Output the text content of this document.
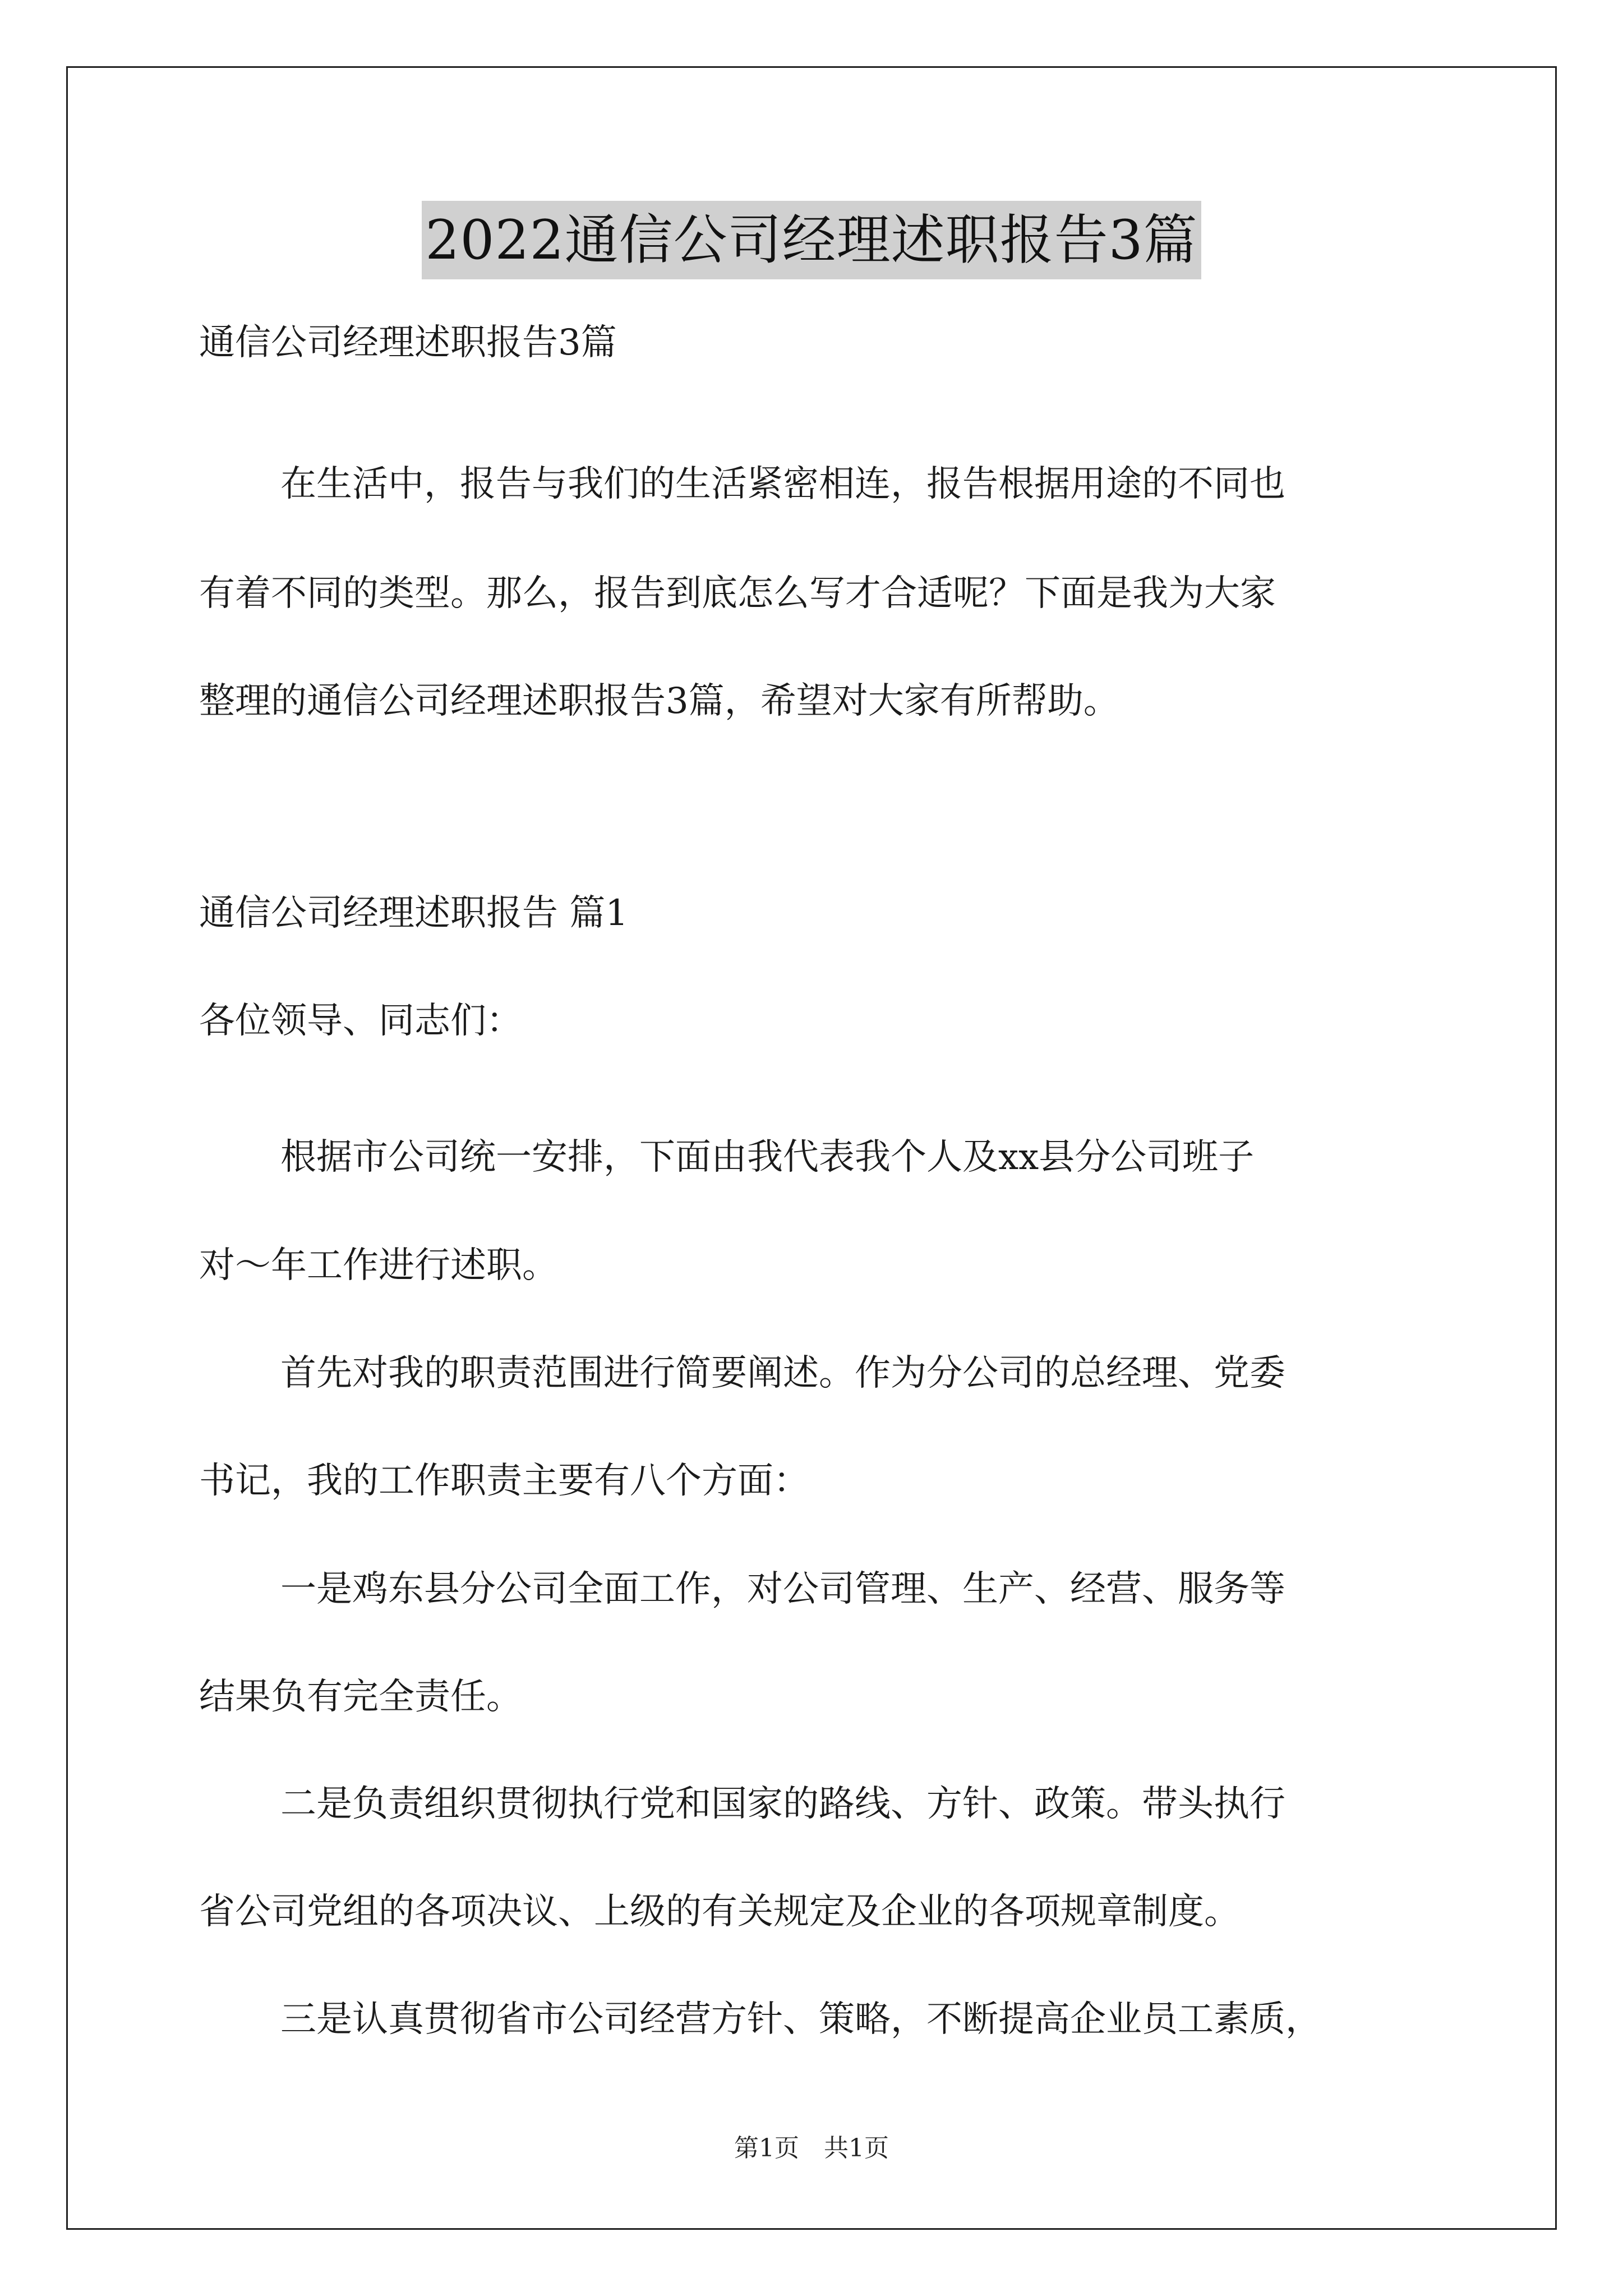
2022通信公司经理述职报告3篇
通信公司经理述职报告3篇
在生活中，报告与我们的生活紧密相连，报告根据用途的不同也
有着不同的类型。那么，报告到底怎么写才合适呢？下面是我为大家
整理的通信公司经理述职报告3篇，希望对大家有所帮助。
通信公司经理述职报告 篇1
各位领导、同志们：
根据市公司统一安排，下面由我代表我个人及xx县分公司班子
对～年工作进行述职。
首先对我的职责范围进行简要阐述。作为分公司的总经理、党委
书记，我的工作职责主要有八个方面：
一是鸡东县分公司全面工作，对公司管理、生产、经营、服务等
结果负有完全责任。
二是负责组织贯彻执行党和国家的路线、方针、政策。带头执行
省公司党组的各项决议、上级的有关规定及企业的各项规章制度。
三是认真贯彻省市公司经营方针、策略，不断提高企业员工素质，
第1页　共1页
